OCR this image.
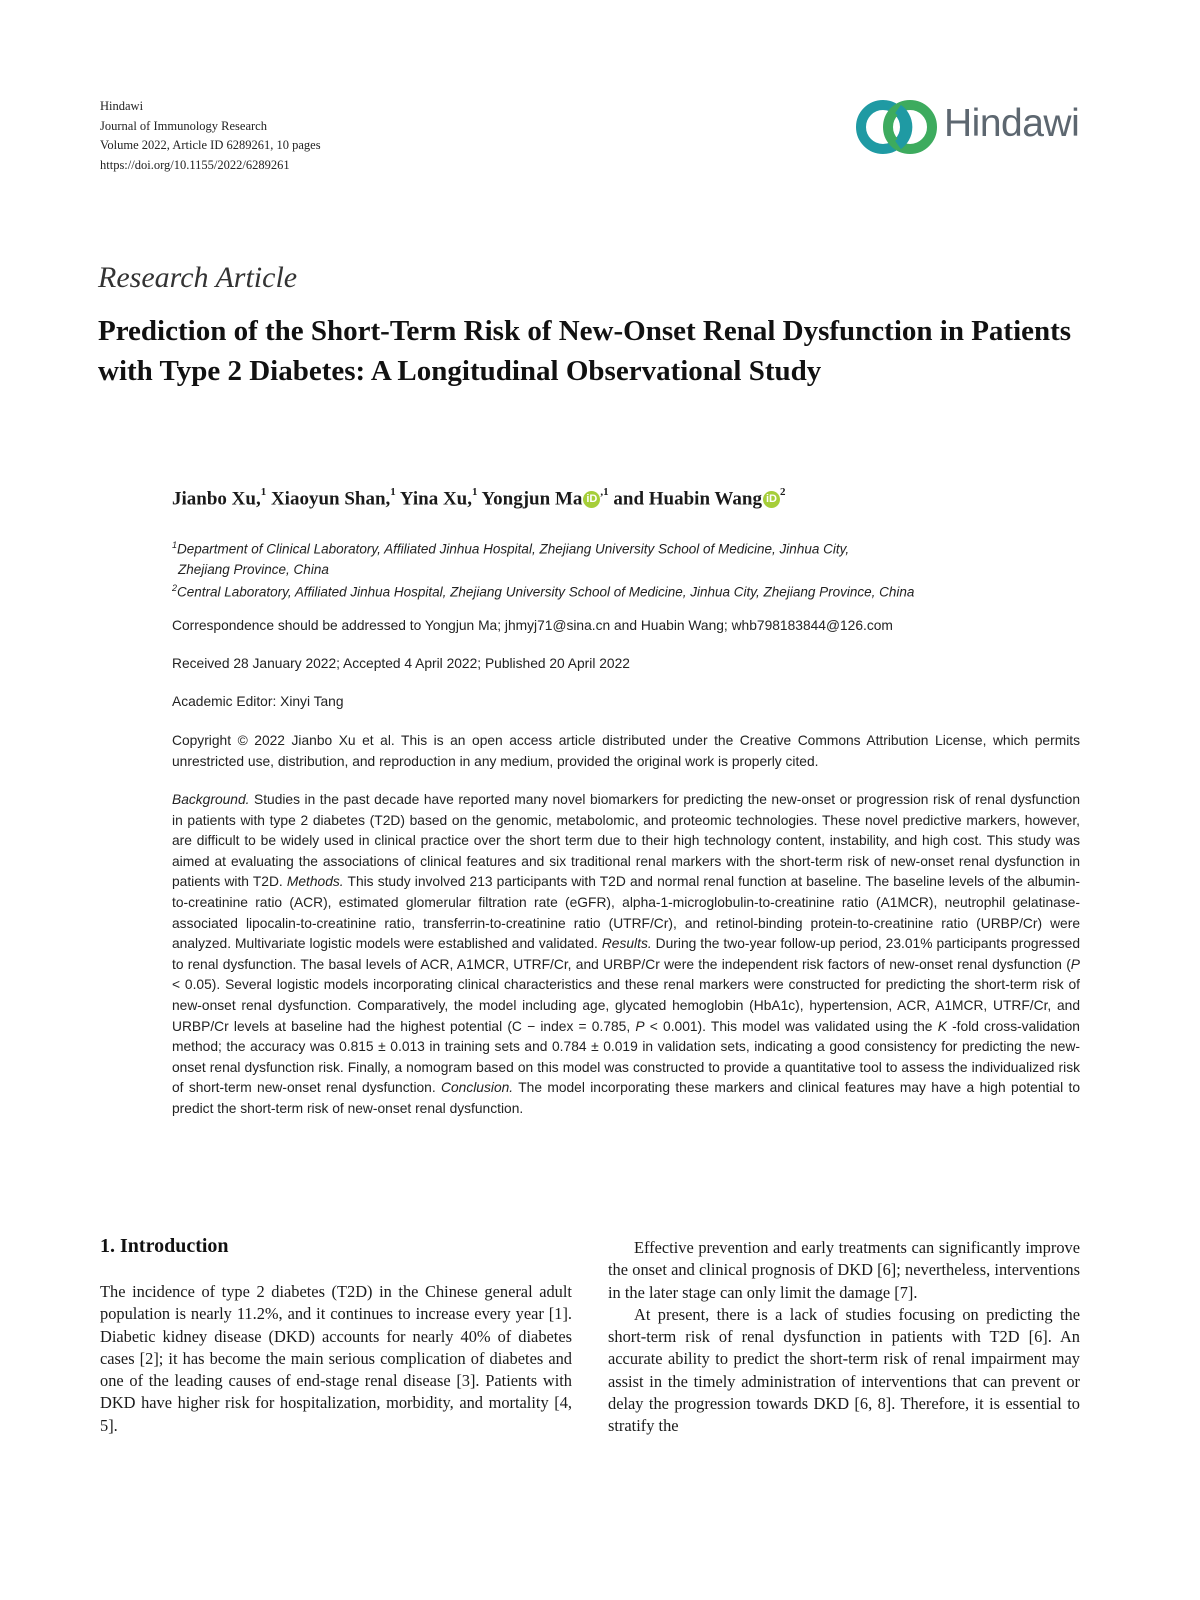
Hindawi
Journal of Immunology Research
Volume 2022, Article ID 6289261, 10 pages
https://doi.org/10.1155/2022/6289261
Hindawi
Research Article
Prediction of the Short-Term Risk of New-Onset Renal Dysfunction in Patients with Type 2 Diabetes: A Longitudinal Observational Study
Jianbo Xu,$^1$ Xiaoyun Shan,$^1$ Yina Xu,$^1$ Yongjun Ma $iD^{,1}$ and Huabin Wang $iD^2$
$^1$Department of Clinical Laboratory, Affiliated Jinhua Hospital, Zhejiang University School of Medicine, Jinhua City,
Zhejiang Province, China
$^2$Central Laboratory, Affiliated Jinhua Hospital, Zhejiang University School of Medicine, Jinhua City, Zhejiang Province, China
Correspondence should be addressed to Yongjun Ma; jhmyj71@sina.cn and Huabin Wang; whb798183844@126.com
Received 28 January 2022; Accepted 4 April 2022; Published 20 April 2022
Academic Editor: Xinyi Tang
Copyright © 2022 Jianbo Xu et al. This is an open access article distributed under the Creative Commons Attribution License, which permits unrestricted use, distribution, and reproduction in any medium, provided the original work is properly cited.
Background. Studies in the past decade have reported many novel biomarkers for predicting the new-onset or progression risk of renal dysfunction in patients with type 2 diabetes (T2D) based on the genomic, metabolomic, and proteomic technologies. These novel predictive markers, however, are difficult to be widely used in clinical practice over the short term due to their high technology content, instability, and high cost. This study was aimed at evaluating the associations of clinical features and six traditional renal markers with the short-term risk of new-onset renal dysfunction in patients with T2D. Methods. This study involved 213 participants with T2D and normal renal function at baseline. The baseline levels of the albumin-to-creatinine ratio (ACR), estimated glomerular filtration rate (eGFR), alpha-1-microglobulin-to-creatinine ratio (A1MCR), neutrophil gelatinase-associated lipocalin-to-creatinine ratio, transferrin-to-creatinine ratio (UTRF/Cr), and retinol-binding protein-to-creatinine ratio (URBP/Cr) were analyzed. Multivariate logistic models were established and validated. Results. During the two-year follow-up period, 23.01% participants progressed to renal dysfunction. The basal levels of ACR, A1MCR, UTRF/Cr, and URBP/Cr were the independent risk factors of new-onset renal dysfunction (P < 0.05). Several logistic models incorporating clinical characteristics and these renal markers were constructed for predicting the short-term risk of new-onset renal dysfunction. Comparatively, the model including age, glycated hemoglobin (HbA1c), hypertension, ACR, A1MCR, UTRF/Cr, and URBP/Cr levels at baseline had the highest potential (C − index = 0.785, P < 0.001). This model was validated using the K -fold cross-validation method; the accuracy was 0.815 ± 0.013 in training sets and 0.784 ± 0.019 in validation sets, indicating a good consistency for predicting the new-onset renal dysfunction risk. Finally, a nomogram based on this model was constructed to provide a quantitative tool to assess the individualized risk of short-term new-onset renal dysfunction. Conclusion. The model incorporating these markers and clinical features may have a high potential to predict the short-term risk of new-onset renal dysfunction.
1. Introduction

The incidence of type 2 diabetes (T2D) in the Chinese general adult population is nearly 11.2%, and it continues to increase every year [1]. Diabetic kidney disease (DKD) accounts for nearly 40% of diabetes cases [2]; it has become the main serious complication of diabetes and one of the leading causes of end-stage renal disease [3]. Patients with DKD have higher risk for hospitalization, morbidity, and mortality [4, 5].

Effective prevention and early treatments can significantly improve the onset and clinical prognosis of DKD [6]; nevertheless, interventions in the later stage can only limit the damage [7].

At present, there is a lack of studies focusing on predicting the short-term risk of renal dysfunction in patients with T2D [6]. An accurate ability to predict the short-term risk of renal impairment may assist in the timely administration of interventions that can prevent or delay the progression towards DKD [6, 8]. Therefore, it is essential to stratify the
